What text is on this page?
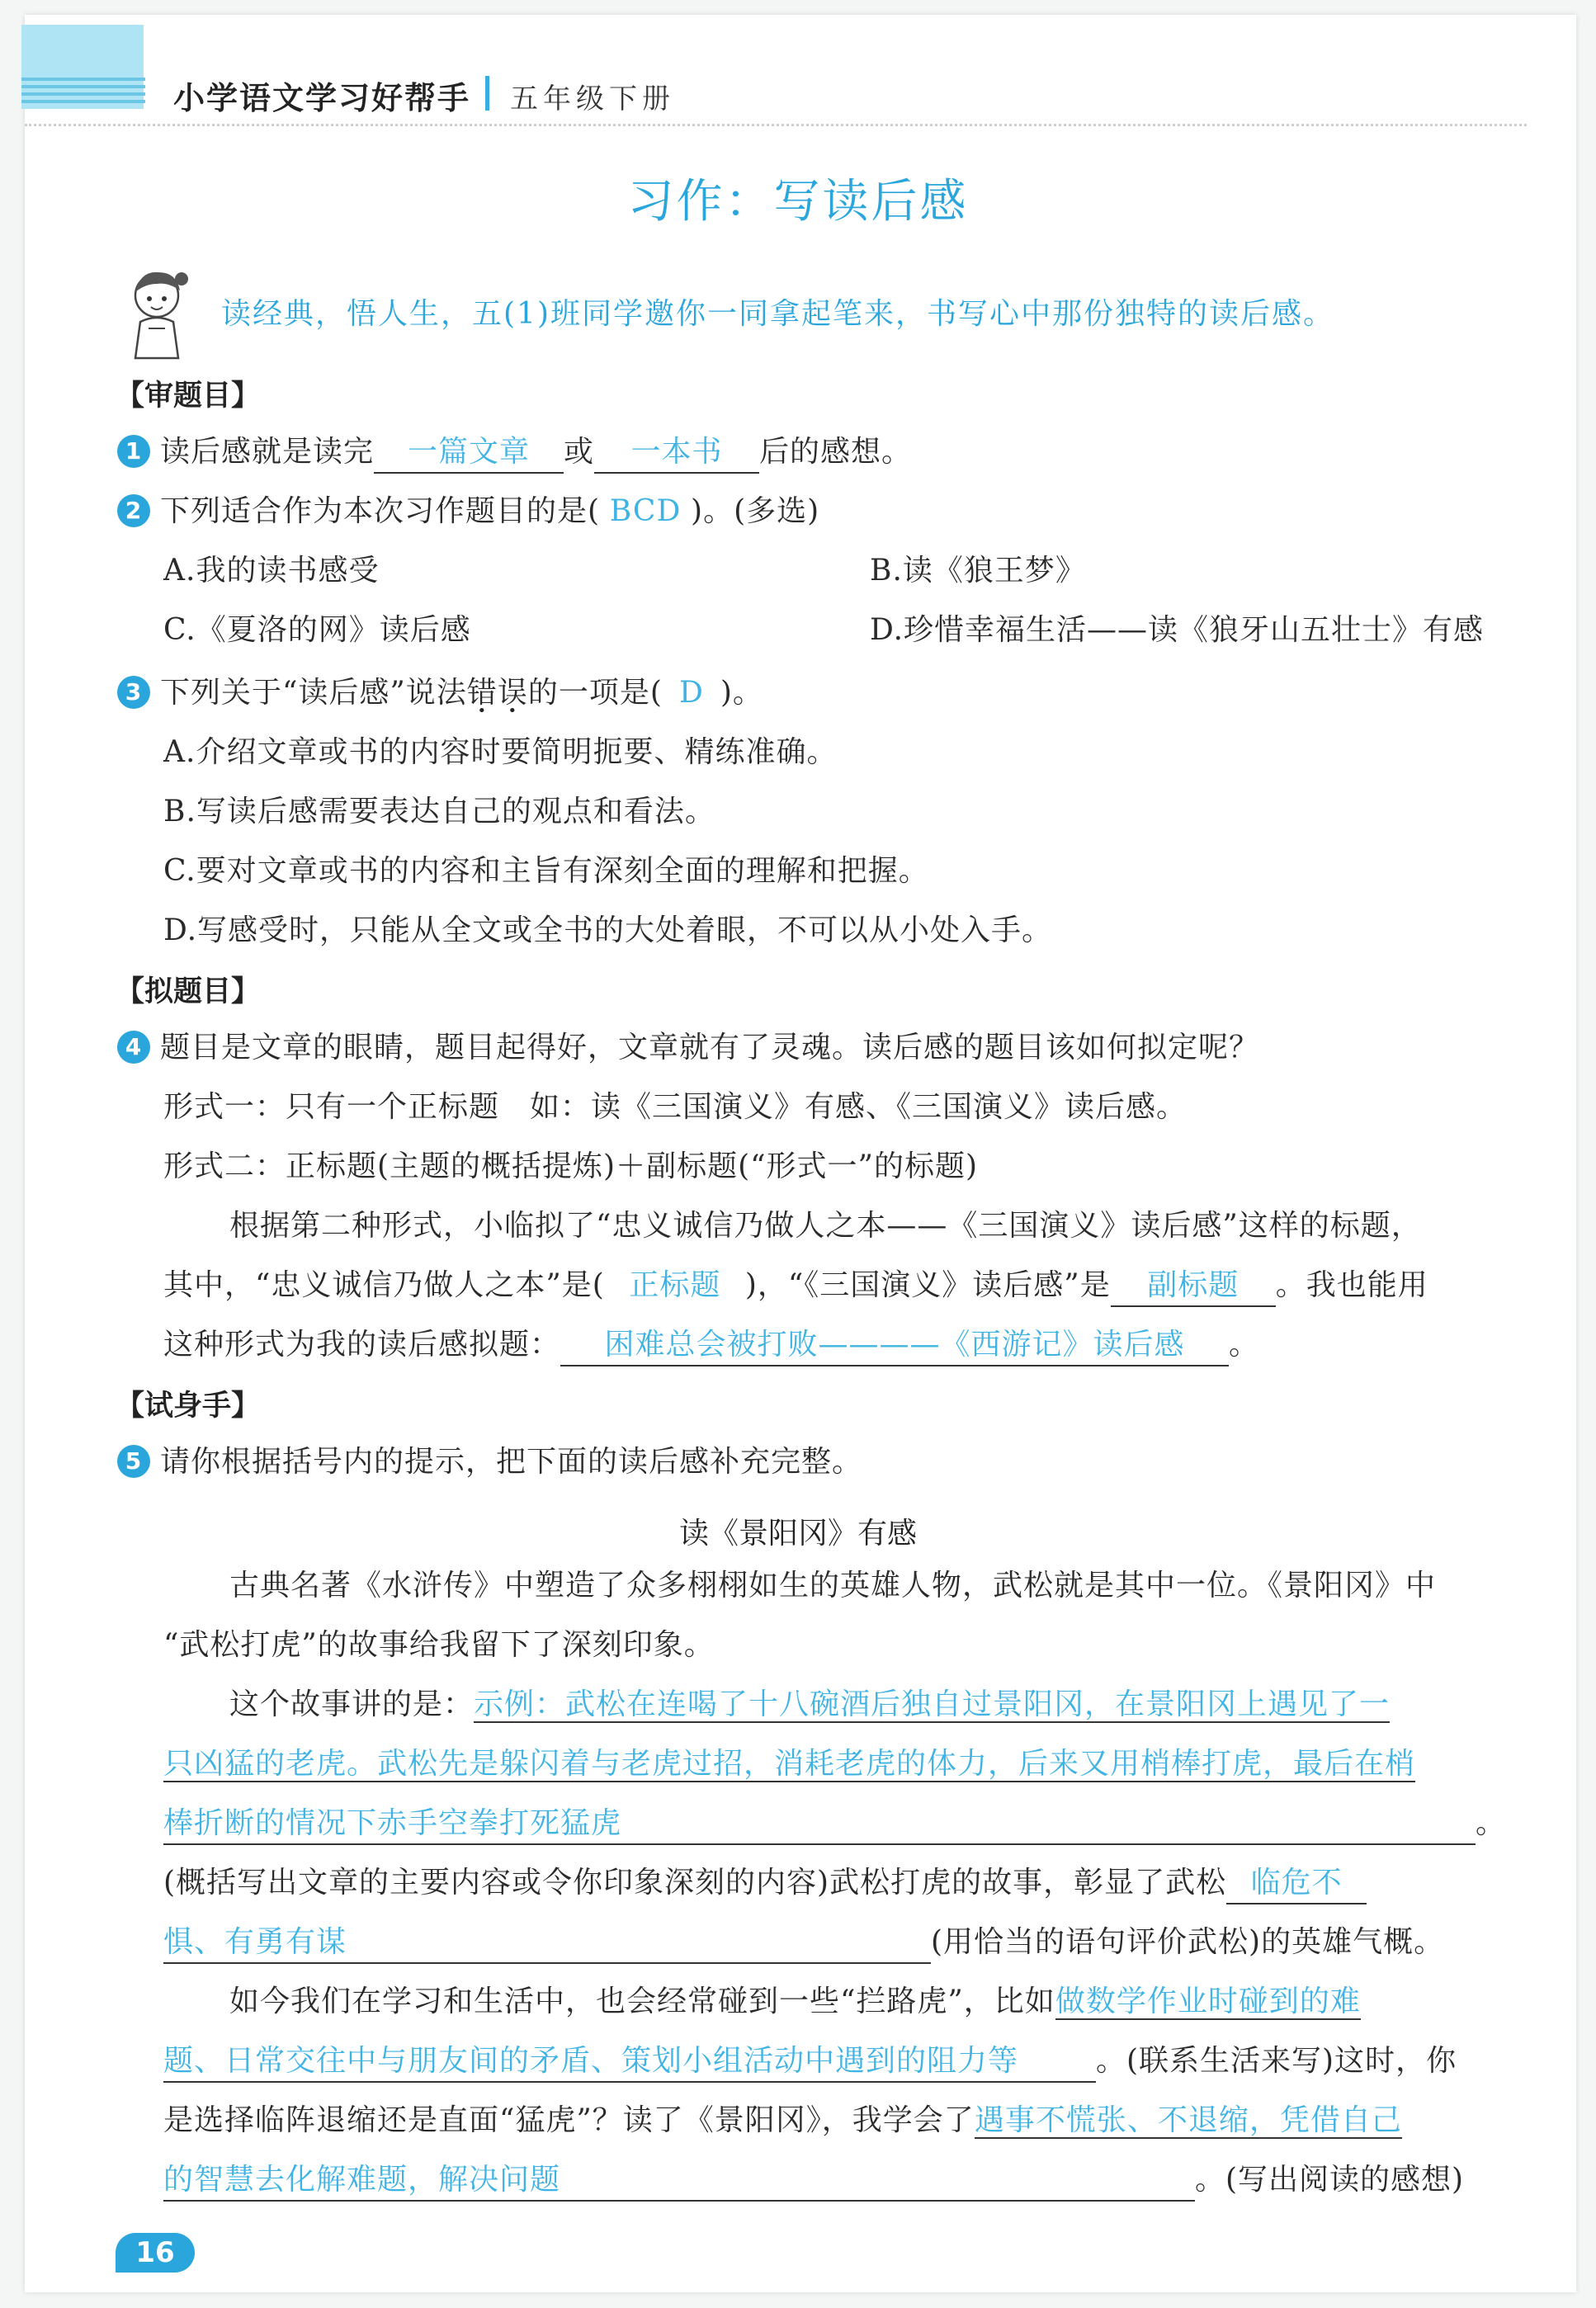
小学语文学习好帮手 五年级下册
习作：写读后感
读经典，悟人生，五(1)班同学邀你一同拿起笔来，书写心中那份独特的读后感。
【审题目】
1 读后感就是读完 一篇文章 或 一本书 后的感想。
2 下列适合作为本次习作题目的是( BCD )。(多选)
A.我的读书感受	B.读《狼王梦》
C.《夏洛的网》读后感	D.珍惜幸福生活——读《狼牙山五壮士》有感
3 下列关于“读后感”说法错误的一项是( D )。
A.介绍文章或书的内容时要简明扼要、精练准确。
B.写读后感需要表达自己的观点和看法。
C.要对文章或书的内容和主旨有深刻全面的理解和把握。
D.写感受时，只能从全文或全书的大处着眼，不可以从小处入手。
【拟题目】
4 题目是文章的眼睛，题目起得好，文章就有了灵魂。读后感的题目该如何拟定呢？
形式一：只有一个正标题　如：读《三国演义》有感、《三国演义》读后感。
形式二：正标题(主题的概括提炼)＋副标题(“形式一”的标题)
根据第二种形式，小临拟了“忠义诚信乃做人之本——《三国演义》读后感”这样的标题，
其中，“忠义诚信乃做人之本”是( 正标题 )，“《三国演义》读后感”是 副标题 。我也能用
这种形式为我的读后感拟题： 困难总会被打败————《西游记》读后感 。
【试身手】
5 请你根据括号内的提示，把下面的读后感补充完整。
读《景阳冈》有感
古典名著《水浒传》中塑造了众多栩栩如生的英雄人物，武松就是其中一位。《景阳冈》中
“武松打虎”的故事给我留下了深刻印象。
这个故事讲的是：示例：武松在连喝了十八碗酒后独自过景阳冈，在景阳冈上遇见了一
只凶猛的老虎。武松先是躲闪着与老虎过招，消耗老虎的体力，后来又用梢棒打虎，最后在梢
棒折断的情况下赤手空拳打死猛虎	。
(概括写出文章的主要内容或令你印象深刻的内容)武松打虎的故事，彰显了武松 临危不
惧、有勇有谋	(用恰当的语句评价武松)的英雄气概。
如今我们在学习和生活中，也会经常碰到一些“拦路虎”，比如做数学作业时碰到的难
题、日常交往中与朋友间的矛盾、策划小组活动中遇到的阻力等	。(联系生活来写)这时，你
是选择临阵退缩还是直面“猛虎”？读了《景阳冈》，我学会了遇事不慌张、不退缩，凭借自己
的智慧去化解难题，解决问题	。(写出阅读的感想)
16
